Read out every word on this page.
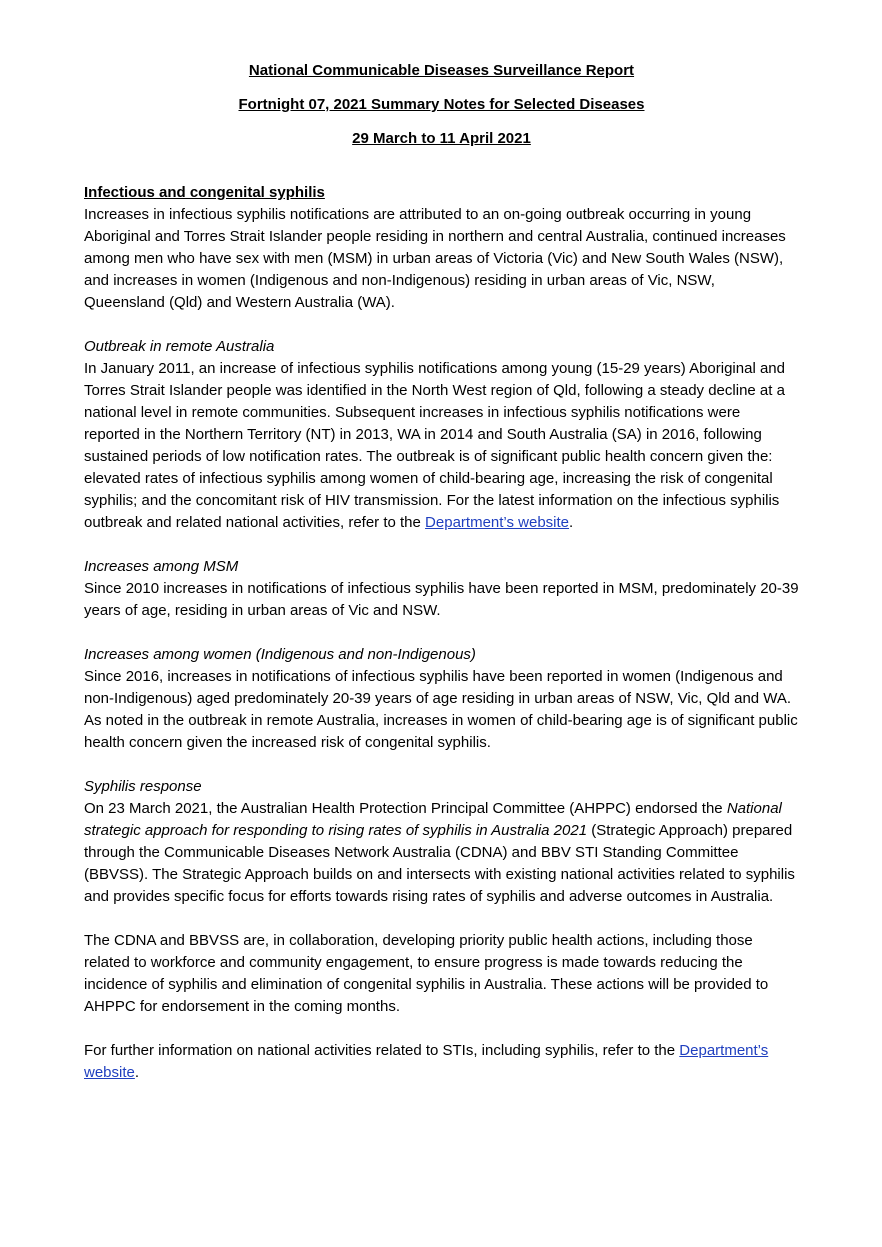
National Communicable Diseases Surveillance Report
Fortnight 07, 2021 Summary Notes for Selected Diseases
29 March to 11 April 2021
Infectious and congenital syphilis

Increases in infectious syphilis notifications are attributed to an on-going outbreak occurring in young Aboriginal and Torres Strait Islander people residing in northern and central Australia, continued increases among men who have sex with men (MSM) in urban areas of Victoria (Vic) and New South Wales (NSW), and increases in women (Indigenous and non-Indigenous) residing in urban areas of Vic, NSW, Queensland (Qld) and Western Australia (WA).

Outbreak in remote Australia

In January 2011, an increase of infectious syphilis notifications among young (15-29 years) Aboriginal and Torres Strait Islander people was identified in the North West region of Qld, following a steady decline at a national level in remote communities. Subsequent increases in infectious syphilis notifications were reported in the Northern Territory (NT) in 2013, WA in 2014 and South Australia (SA) in 2016, following sustained periods of low notification rates. The outbreak is of significant public health concern given the: elevated rates of infectious syphilis among women of child-bearing age, increasing the risk of congenital syphilis; and the concomitant risk of HIV transmission. For the latest information on the infectious syphilis outbreak and related national activities, refer to the Department’s website.

Increases among MSM

Since 2010 increases in notifications of infectious syphilis have been reported in MSM, predominately 20-39 years of age, residing in urban areas of Vic and NSW.

Increases among women (Indigenous and non-Indigenous)

Since 2016, increases in notifications of infectious syphilis have been reported in women (Indigenous and non-Indigenous) aged predominately 20-39 years of age residing in urban areas of NSW, Vic, Qld and WA. As noted in the outbreak in remote Australia, increases in women of child-bearing age is of significant public health concern given the increased risk of congenital syphilis.

Syphilis response

On 23 March 2021, the Australian Health Protection Principal Committee (AHPPC) endorsed the National strategic approach for responding to rising rates of syphilis in Australia 2021 (Strategic Approach) prepared through the Communicable Diseases Network Australia (CDNA) and BBV STI Standing Committee (BBVSS). The Strategic Approach builds on and intersects with existing national activities related to syphilis and provides specific focus for efforts towards rising rates of syphilis and adverse outcomes in Australia.

The CDNA and BBVSS are, in collaboration, developing priority public health actions, including those related to workforce and community engagement, to ensure progress is made towards reducing the incidence of syphilis and elimination of congenital syphilis in Australia. These actions will be provided to AHPPC for endorsement in the coming months.

For further information on national activities related to STIs, including syphilis, refer to the Department’s website.
